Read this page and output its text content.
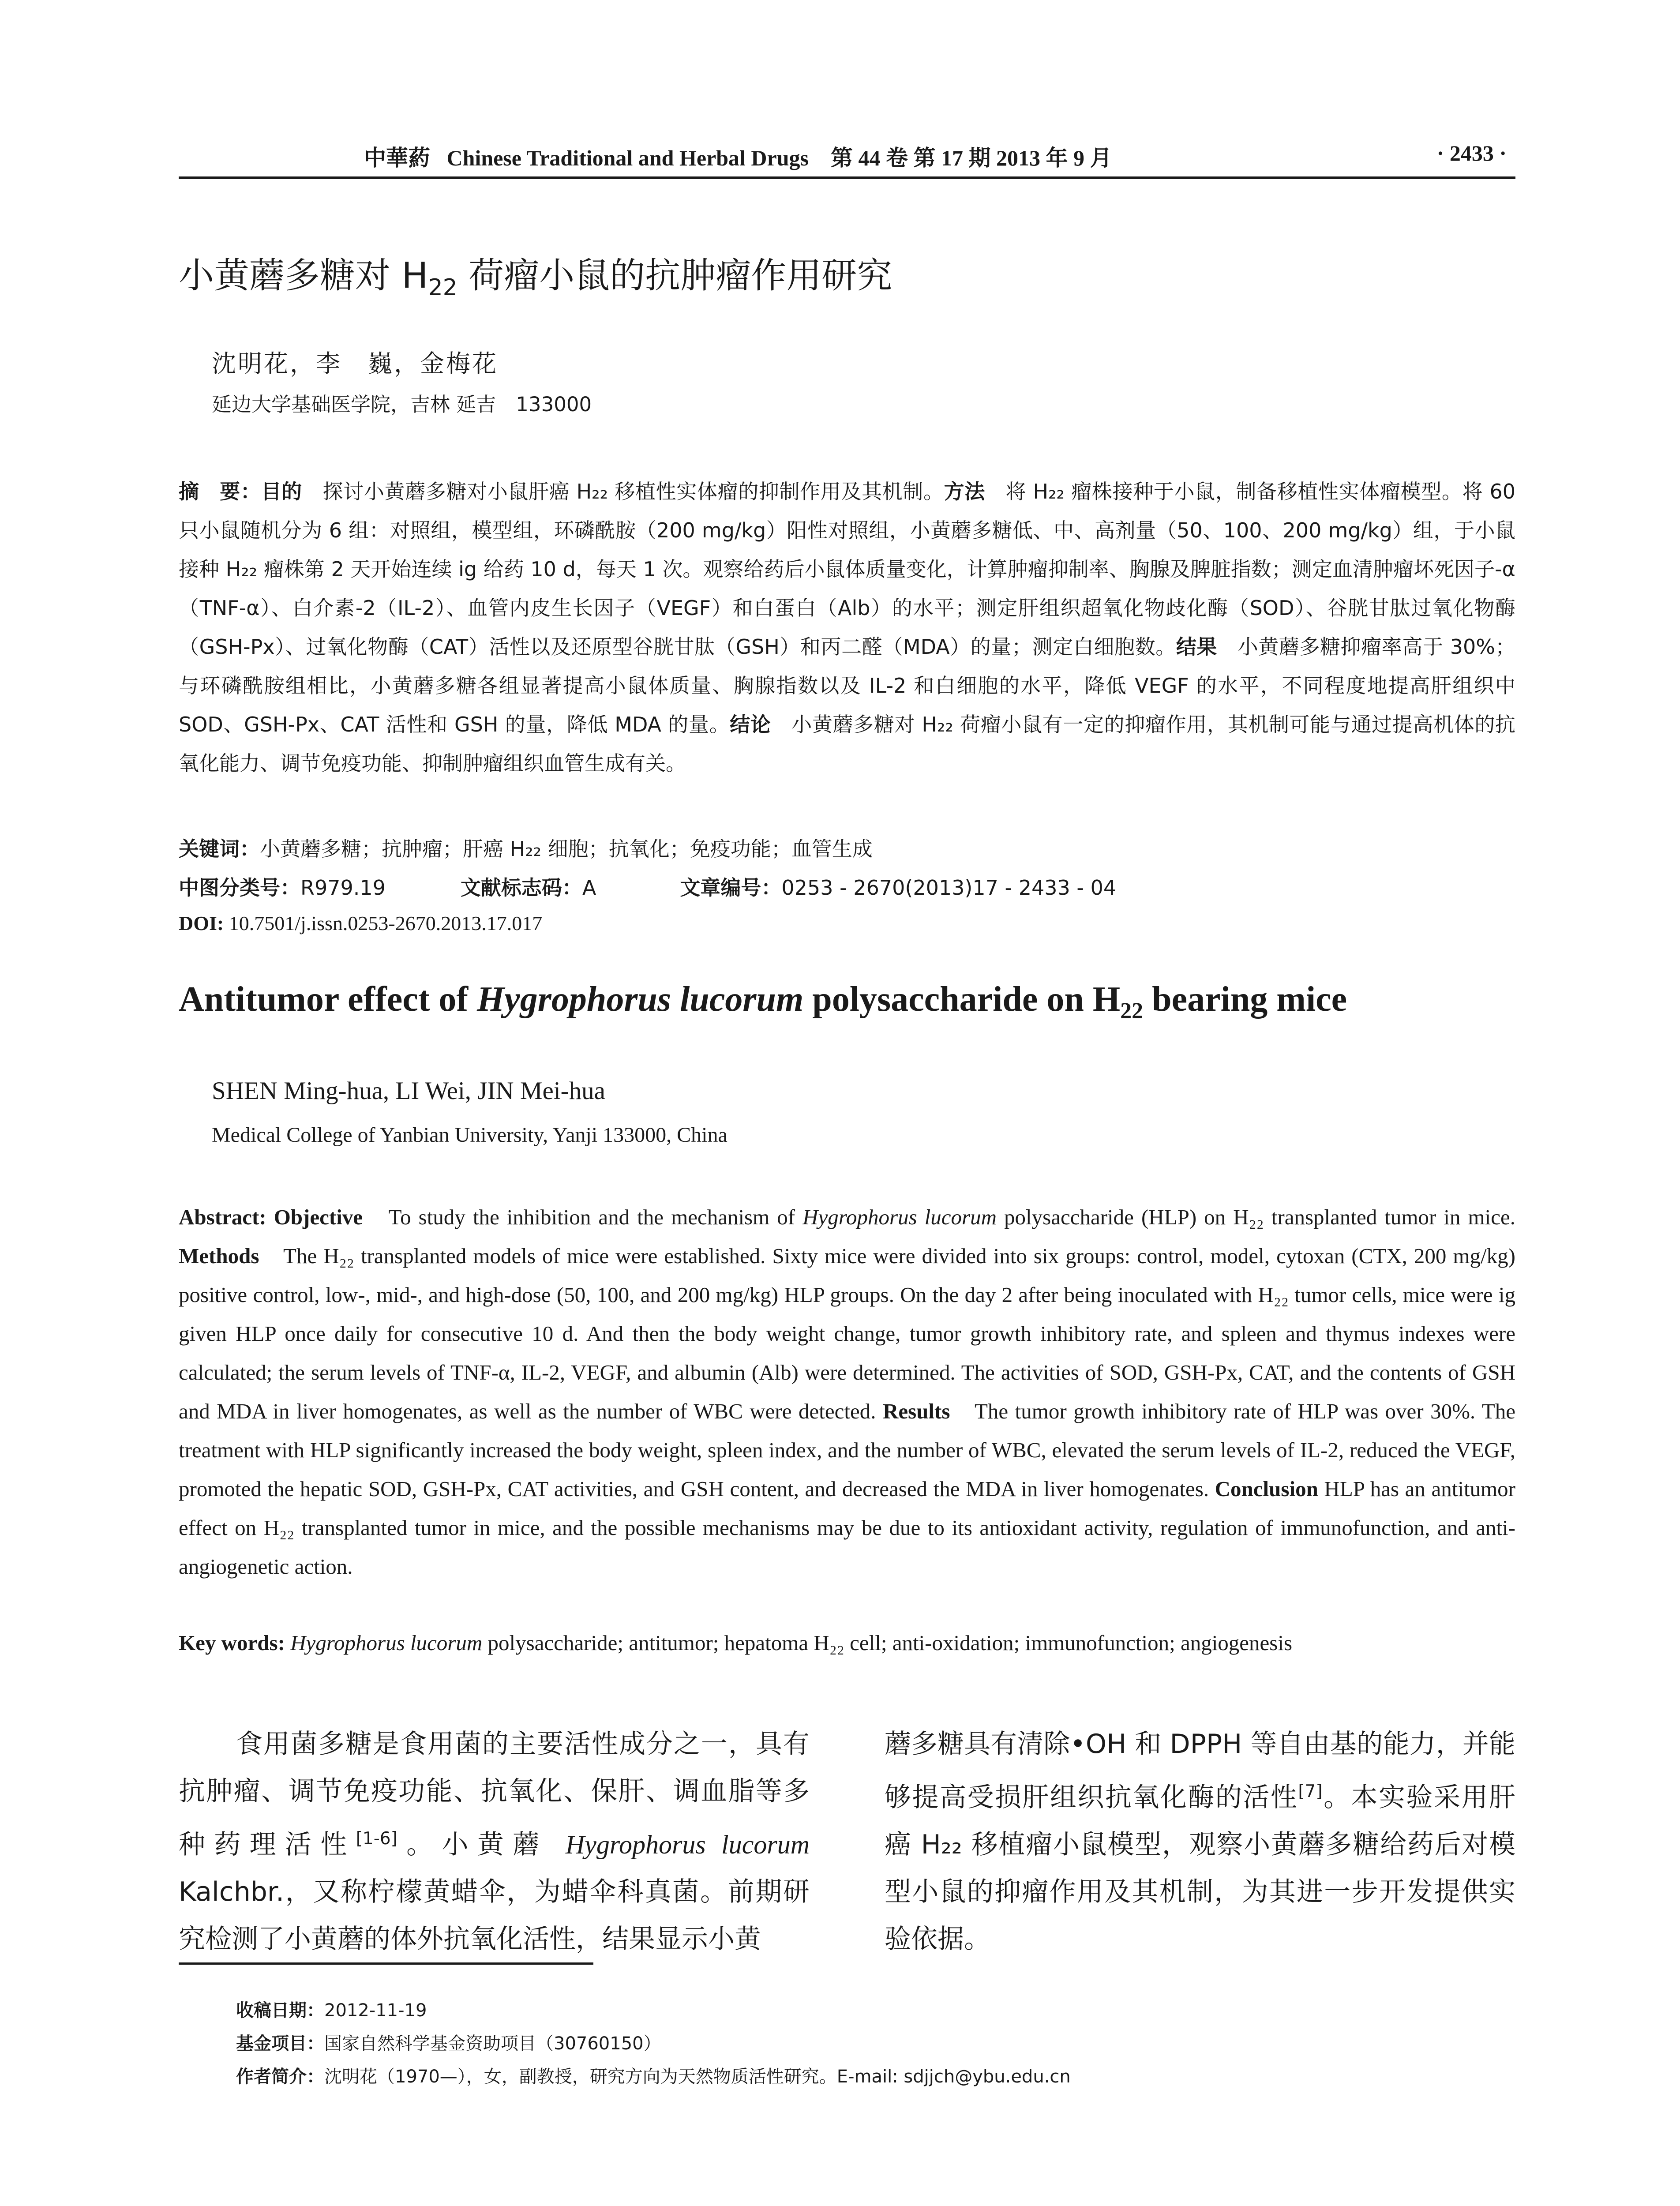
中華葯 Chinese Traditional and Herbal Drugs 第 44 卷 第 17 期 2013 年 9 月	· 2433 ·
小黄蘑多糖对 $H_{22}$ 荷瘤小鼠的抗肿瘤作用研究
沈明花，李　巍，金梅花
延边大学基础医学院，吉林 延吉　133000
摘　要：目的　探讨小黄蘑多糖对小鼠肝癌 H₂₂ 移植性实体瘤的抑制作用及其机制。方法　将 H₂₂ 瘤株接种于小鼠，制备移植性实体瘤模型。将 60 只小鼠随机分为 6 组：对照组，模型组，环磷酰胺（200 mg/kg）阳性对照组，小黄蘑多糖低、中、高剂量（50、100、200 mg/kg）组，于小鼠接种 H₂₂ 瘤株第 2 天开始连续 ig 给药 10 d，每天 1 次。观察给药后小鼠体质量变化，计算肿瘤抑制率、胸腺及脾脏指数；测定血清肿瘤坏死因子-α（TNF-α）、白介素-2（IL-2）、血管内皮生长因子（VEGF）和白蛋白（Alb）的水平；测定肝组织超氧化物歧化酶（SOD）、谷胱甘肽过氧化物酶（GSH-Px）、过氧化物酶（CAT）活性以及还原型谷胱甘肽（GSH）和丙二醛（MDA）的量；测定白细胞数。结果　小黄蘑多糖抑瘤率高于 30%；与环磷酰胺组相比，小黄蘑多糖各组显著提高小鼠体质量、胸腺指数以及 IL-2 和白细胞的水平，降低 VEGF 的水平，不同程度地提高肝组织中 SOD、GSH-Px、CAT 活性和 GSH 的量，降低 MDA 的量。结论　小黄蘑多糖对 H₂₂ 荷瘤小鼠有一定的抑瘤作用，其机制可能与通过提高机体的抗氧化能力、调节免疫功能、抑制肿瘤组织血管生成有关。
关键词：小黄蘑多糖；抗肿瘤；肝癌 H₂₂ 细胞；抗氧化；免疫功能；血管生成
中图分类号：R979.19	文献标志码：A	文章编号：0253 - 2670(2013)17 - 2433 - 04
DOI: 10.7501/j.issn.0253-2670.2013.17.017
Antitumor effect of Hygrophorus lucorum polysaccharide on $H_{22}$ bearing mice
SHEN Ming-hua, LI Wei, JIN Mei-hua
Medical College of Yanbian University, Yanji 133000, China
Abstract: Objective　To study the inhibition and the mechanism of Hygrophorus lucorum polysaccharide (HLP) on H₂₂ transplanted tumor in mice. Methods　The H₂₂ transplanted models of mice were established. Sixty mice were divided into six groups: control, model, cytoxan (CTX, 200 mg/kg) positive control, low-, mid-, and high-dose (50, 100, and 200 mg/kg) HLP groups. On the day 2 after being inoculated with H₂₂ tumor cells, mice were ig given HLP once daily for consecutive 10 d. And then the body weight change, tumor growth inhibitory rate, and spleen and thymus indexes were calculated; the serum levels of TNF-α, IL-2, VEGF, and albumin (Alb) were determined. The activities of SOD, GSH-Px, CAT, and the contents of GSH and MDA in liver homogenates, as well as the number of WBC were detected. Results　The tumor growth inhibitory rate of HLP was over 30%. The treatment with HLP significantly increased the body weight, spleen index, and the number of WBC, elevated the serum levels of IL-2, reduced the VEGF, promoted the hepatic SOD, GSH-Px, CAT activities, and GSH content, and decreased the MDA in liver homogenates. Conclusion HLP has an antitumor effect on H₂₂ transplanted tumor in mice, and the possible mechanisms may be due to its antioxidant activity, regulation of immunofunction, and anti-angiogenetic action.
Key words: Hygrophorus lucorum polysaccharide; antitumor; hepatoma H₂₂ cell; anti-oxidation; immunofunction; angiogenesis
食用菌多糖是食用菌的主要活性成分之一，具有抗肿瘤、调节免疫功能、抗氧化、保肝、调血脂等多种药理活性[1-6]。小黄蘑 Hygrophorus lucorum Kalchbr.，又称柠檬黄蜡伞，为蜡伞科真菌。前期研究检测了小黄蘑的体外抗氧化活性，结果显示小黄
蘑多糖具有清除•OH 和 DPPH 等自由基的能力，并能够提高受损肝组织抗氧化酶的活性[7]。本实验采用肝癌 H₂₂ 移植瘤小鼠模型，观察小黄蘑多糖给药后对模型小鼠的抑瘤作用及其机制，为其进一步开发提供实验依据。
收稿日期：2012-11-19
基金项目：国家自然科学基金资助项目（30760150）
作者简介：沈明花（1970—），女，副教授，研究方向为天然物质活性研究。E-mail: sdjjch@ybu.edu.cn
